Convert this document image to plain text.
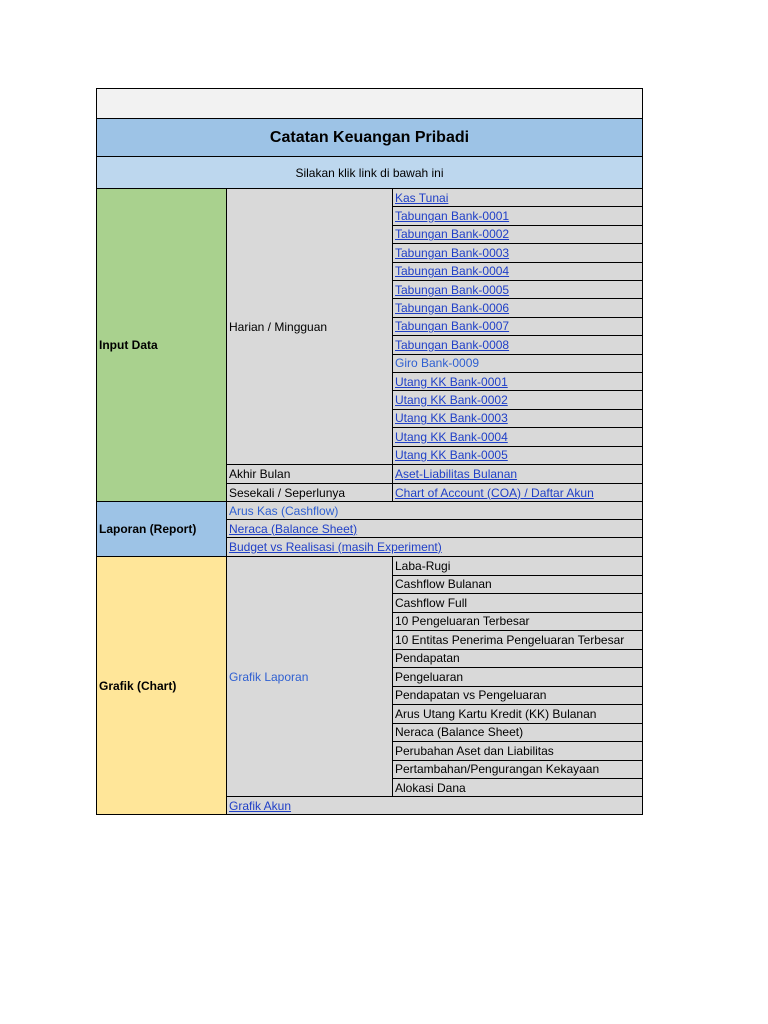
Catatan Keuangan Pribadi
Silakan klik link di bawah ini
Input Data
Harian / Mingguan
Kas Tunai
Tabungan Bank-0001
Tabungan Bank-0002
Tabungan Bank-0003
Tabungan Bank-0004
Tabungan Bank-0005
Tabungan Bank-0006
Tabungan Bank-0007
Tabungan Bank-0008
Giro Bank-0009
Utang KK Bank-0001
Utang KK Bank-0002
Utang KK Bank-0003
Utang KK Bank-0004
Utang KK Bank-0005
Akhir Bulan	Aset-Liabilitas Bulanan
Sesekali / Seperlunya	Chart of Account (COA) / Daftar Akun
Laporan (Report)
Arus Kas (Cashflow)
Neraca (Balance Sheet)
Budget vs Realisasi (masih Experiment)
Grafik (Chart)
Grafik Laporan
Laba-Rugi
Cashflow Bulanan
Cashflow Full
10 Pengeluaran Terbesar
10 Entitas Penerima Pengeluaran Terbesar
Pendapatan
Pengeluaran
Pendapatan vs Pengeluaran
Arus Utang Kartu Kredit (KK) Bulanan
Neraca (Balance Sheet)
Perubahan Aset dan Liabilitas
Pertambahan/Pengurangan Kekayaan
Alokasi Dana
Grafik Akun
